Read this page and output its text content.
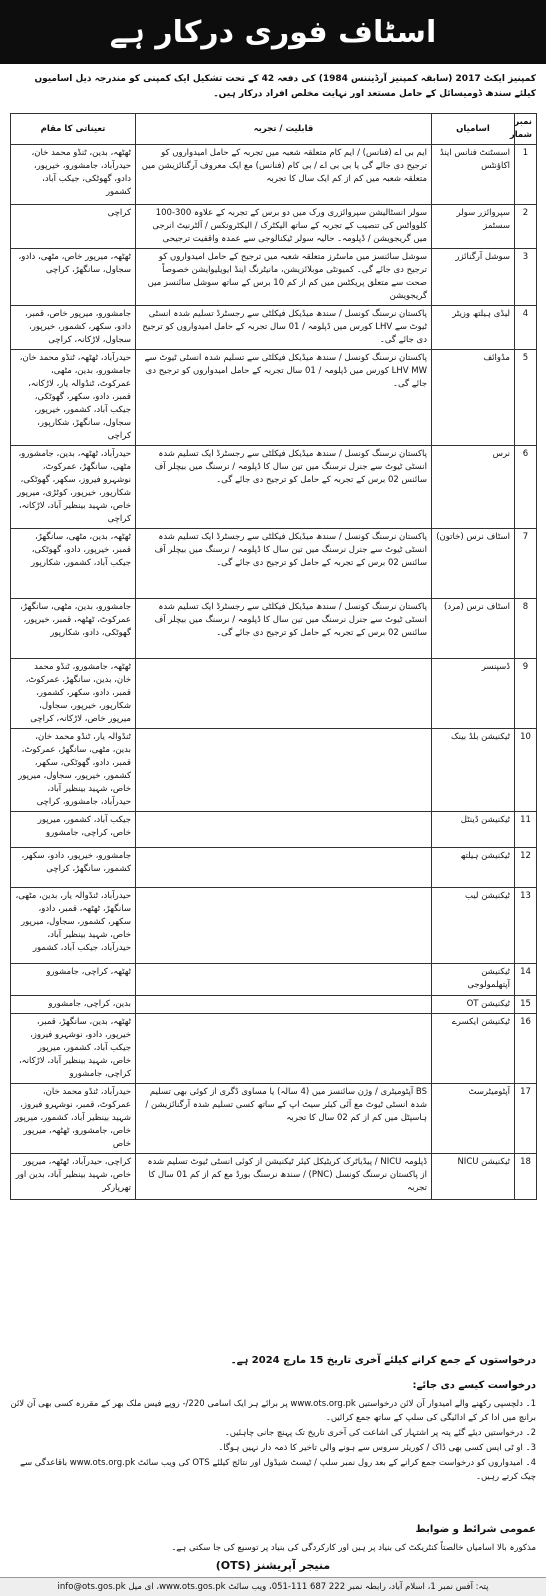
اسٹاف فوری درکار ہے
کمپنیز ایکٹ 2017 (سابقہ کمپنیز آرڈیننس 1984) کی دفعہ 42 کے تحت تشکیل ایک کمپنی کو مندرجہ ذیل اسامیوں کیلئے سندھ ڈومیسائل کے حامل مستعد اور نہایت مخلص افراد درکار ہیں۔
نمبر شمار	اسامیاں	قابلیت / تجربہ	تعیناتی کا مقام
1	اسسٹنٹ فنانس اینڈ اکاؤنٹس	ایم بی اے (فنانس) / ایم کام متعلقہ شعبہ میں تجربہ کے حامل امیدواروں کو ترجیح دی جائے گی یا بی بی اے / بی کام (فنانس) مع ایک معروف آرگنائزیشن میں متعلقہ شعبہ میں کم از کم ایک سال کا تجربہ	ٹھٹھہ، بدین، ٹنڈو محمد خان، حیدرآباد، جامشورو، خیرپور، دادو، گھوٹکی، جیکب آباد، کشمور
2	سپروائزر سولر سسٹمز	سولر انسٹالیشن سپروائزری ورک میں دو برس کے تجربہ کے علاوہ 300-100 کلوواٹس کی تنصیب کے تجربہ کے ساتھ الیکٹرک / الیکٹرونکس / آلٹرنیٹ انرجی میں گریجویشن / ڈپلومہ۔ حالیہ سولر ٹیکنالوجی سے عمدہ واقفیت ترجیحی	کراچی
3	سوشل آرگنائزر	سوشل سائنسز میں ماسٹرز متعلقہ شعبہ میں ترجیح کے حامل امیدواروں کو ترجیح دی جائے گی۔ کمیونٹی موبلائزیشن، مانیٹرنگ اینڈ ایویلیوایشن خصوصاً صحت سے متعلق پریکٹس میں کم از کم 10 برس کے ساتھ سوشل سائنسز میں گریجویشن	ٹھٹھہ، میرپور خاص، مٹھی، دادو، سجاول، سانگھڑ، کراچی
4	لیڈی ہیلتھ وزیٹر	پاکستان نرسنگ کونسل / سندھ میڈیکل فیکلٹی سے رجسٹرڈ تسلیم شدہ انسٹی ٹیوٹ سے LHV کورس میں ڈپلومہ / 01 سال تجربہ کے حامل امیدواروں کو ترجیح دی جائے گی۔	جامشورو، میرپور خاص، قمبر، دادو، سکھر، کشمور، خیرپور، سجاول، لاڑکانہ، کراچی
5	مڈوائف	پاکستان نرسنگ کونسل / سندھ میڈیکل فیکلٹی سے تسلیم شدہ انسٹی ٹیوٹ سے LHV MW کورس میں ڈپلومہ / 01 سال تجربہ کے حامل امیدواروں کو ترجیح دی جائے گی۔	حیدرآباد، ٹھٹھہ، ٹنڈو محمد خان، جامشورو، بدین، مٹھی، عمرکوٹ، ٹنڈوالہ یار، لاڑکانہ، قمبر، دادو، سکھر، گھوٹکی، جیکب آباد، کشمور، خیرپور، سجاول، سانگھڑ، شکارپور، کراچی
6	نرس	پاکستان نرسنگ کونسل / سندھ میڈیکل فیکلٹی سے رجسٹرڈ ایک تسلیم شدہ انسٹی ٹیوٹ سے جنرل نرسنگ میں تین سال کا ڈپلومہ / نرسنگ میں بیچلر آف سائنس 02 برس کے تجربہ کے حامل کو ترجیح دی جائے گی۔	حیدرآباد، ٹھٹھہ، بدین، جامشورو، مٹھی، سانگھڑ، عمرکوٹ، نوشہرو فیروز، سکھر، گھوٹکی، شکارپور، خیرپور، کوٹڑی، میرپور خاص، شہید بینظیر آباد، لاڑکانہ، کراچی
7	اسٹاف نرس (خاتون)	پاکستان نرسنگ کونسل / سندھ میڈیکل فیکلٹی سے رجسٹرڈ ایک تسلیم شدہ انسٹی ٹیوٹ سے جنرل نرسنگ میں تین سال کا ڈپلومہ / نرسنگ میں بیچلر آف سائنس 02 برس کے تجربہ کے حامل کو ترجیح دی جائے گی۔	ٹھٹھہ، بدین، مٹھی، سانگھڑ، قمبر، خیرپور، دادو، گھوٹکی، جیکب آباد، کشمور، شکارپور
8	اسٹاف نرس (مرد)	پاکستان نرسنگ کونسل / سندھ میڈیکل فیکلٹی سے رجسٹرڈ ایک تسلیم شدہ انسٹی ٹیوٹ سے جنرل نرسنگ میں تین سال کا ڈپلومہ / نرسنگ میں بیچلر آف سائنس 02 برس کے تجربہ کے حامل کو ترجیح دی جائے گی۔	جامشورو، بدین، مٹھی، سانگھڑ، عمرکوٹ، ٹھٹھہ، قمبر، خیرپور، گھوٹکی، دادو، شکارپور
9	ڈسپنسر		ٹھٹھہ، جامشورو، ٹنڈو محمد خان، بدین، سانگھڑ، عمرکوٹ، قمبر، دادو، سکھر، کشمور، شکارپور، خیرپور، سجاول، میرپور خاص، لاڑکانہ، کراچی
10	ٹیکنیشن بلڈ بینک		ٹنڈوالہ یار، ٹنڈو محمد خان، بدین، مٹھی، سانگھڑ، عمرکوٹ، قمبر، دادو، گھوٹکی، سکھر، کشمور، خیرپور، سجاول، میرپور خاص، شہید بینظیر آباد، حیدرآباد، جامشورو، کراچی
11	ٹیکنیشن ڈینٹل		جیکب آباد، کشمور، میرپور خاص، کراچی، جامشورو
12	ٹیکنیشن ہیلتھ		جامشورو، خیرپور، دادو، سکھر، کشمور، سانگھڑ، کراچی
13	ٹیکنیشن لیب		حیدرآباد، ٹنڈوالہ یار، بدین، مٹھی، سانگھڑ، ٹھٹھہ، قمبر، دادو، سکھر، کشمور، سجاول، میرپور خاص، شہید بینظیر آباد، حیدرآباد، جیکب آباد، کشمور
14	ٹیکنیشن آپتھلمولوجی		ٹھٹھہ، کراچی، جامشورو
15	ٹیکنیشن OT		بدین، کراچی، جامشورو
16	ٹیکنیشن ایکسرے		ٹھٹھہ، بدین، سانگھڑ، قمبر، خیرپور، دادو، نوشہرو فیروز، جیکب آباد، کشمور، میرپور خاص، شہید بینظیر آباد، لاڑکانہ، کراچی، جامشورو
17	آپٹومیٹرسٹ	BS آپٹومیٹری / وژن سائنسز میں (4 سالہ) یا مساوی ڈگری از کوئی بھی تسلیم شدہ انسٹی ٹیوٹ مع آئی کیئر سیٹ اپ کے ساتھ کسی تسلیم شدہ آرگنائزیشن / ہاسپٹل میں کم از کم 02 سال کا تجربہ	حیدرآباد، ٹنڈو محمد خان، عمرکوٹ، قمبر، نوشہرو فیروز، شہید بینظیر آباد، کشمور، میرپور خاص، جامشورو، ٹھٹھہ، میرپور خاص
18	ٹیکنیشن NICU	ڈپلومہ NICU / پیڈیاٹرک کریٹیکل کیئر ٹیکنیشن از کوئی انسٹی ٹیوٹ تسلیم شدہ از پاکستان نرسنگ کونسل (PNC) / سندھ نرسنگ بورڈ مع کم از کم 01 سال کا تجربہ	کراچی، حیدرآباد، ٹھٹھہ، میرپور خاص، شہید بینظیر آباد، بدین اور تھرپارکر
درخواستوں کے جمع کرانے کیلئے آخری تاریخ 15 مارچ 2024 ہے۔
درخواست کیسے دی جائے:
1۔ دلچسپی رکھنے والے امیدوار آن لائن درخواستیں www.ots.org.pk پر برائے ہر ایک اسامی 220/- روپے فیس ملک بھر کے مقررہ کسی بھی آن لائن برانچ میں ادا کر کے ادائیگی کی سلپ کے ساتھ جمع کرائیں۔
2۔ درخواستیں دیئے گئے پتہ پر اشتہار کی اشاعت کی آخری تاریخ تک پہنچ جانی چاہئیں۔
3۔ او ٹی ایس کسی بھی ڈاک / کوریئر سروس سے ہونے والی تاخیر کا ذمہ دار نہیں ہوگا۔
4۔ امیدواروں کو درخواست جمع کرانے کے بعد رول نمبر سلپ / ٹیسٹ شیڈول اور نتائج کیلئے OTS کی ویب سائٹ www.ots.org.pk باقاعدگی سے چیک کرتے رہیں۔
عمومی شرائط و ضوابط
مذکورہ بالا اسامیاں خالصتاً کنٹریکٹ کی بنیاد پر ہیں اور کارکردگی کی بنیاد پر توسیع کی جا سکتی ہے۔
منیجر آپریشنز (OTS)
پتہ: آفس نمبر 1، اسلام آباد، رابطہ نمبر 222 687 111-051، ویب سائٹ www.ots.gos.pk، ای میل info@ots.gos.pk
